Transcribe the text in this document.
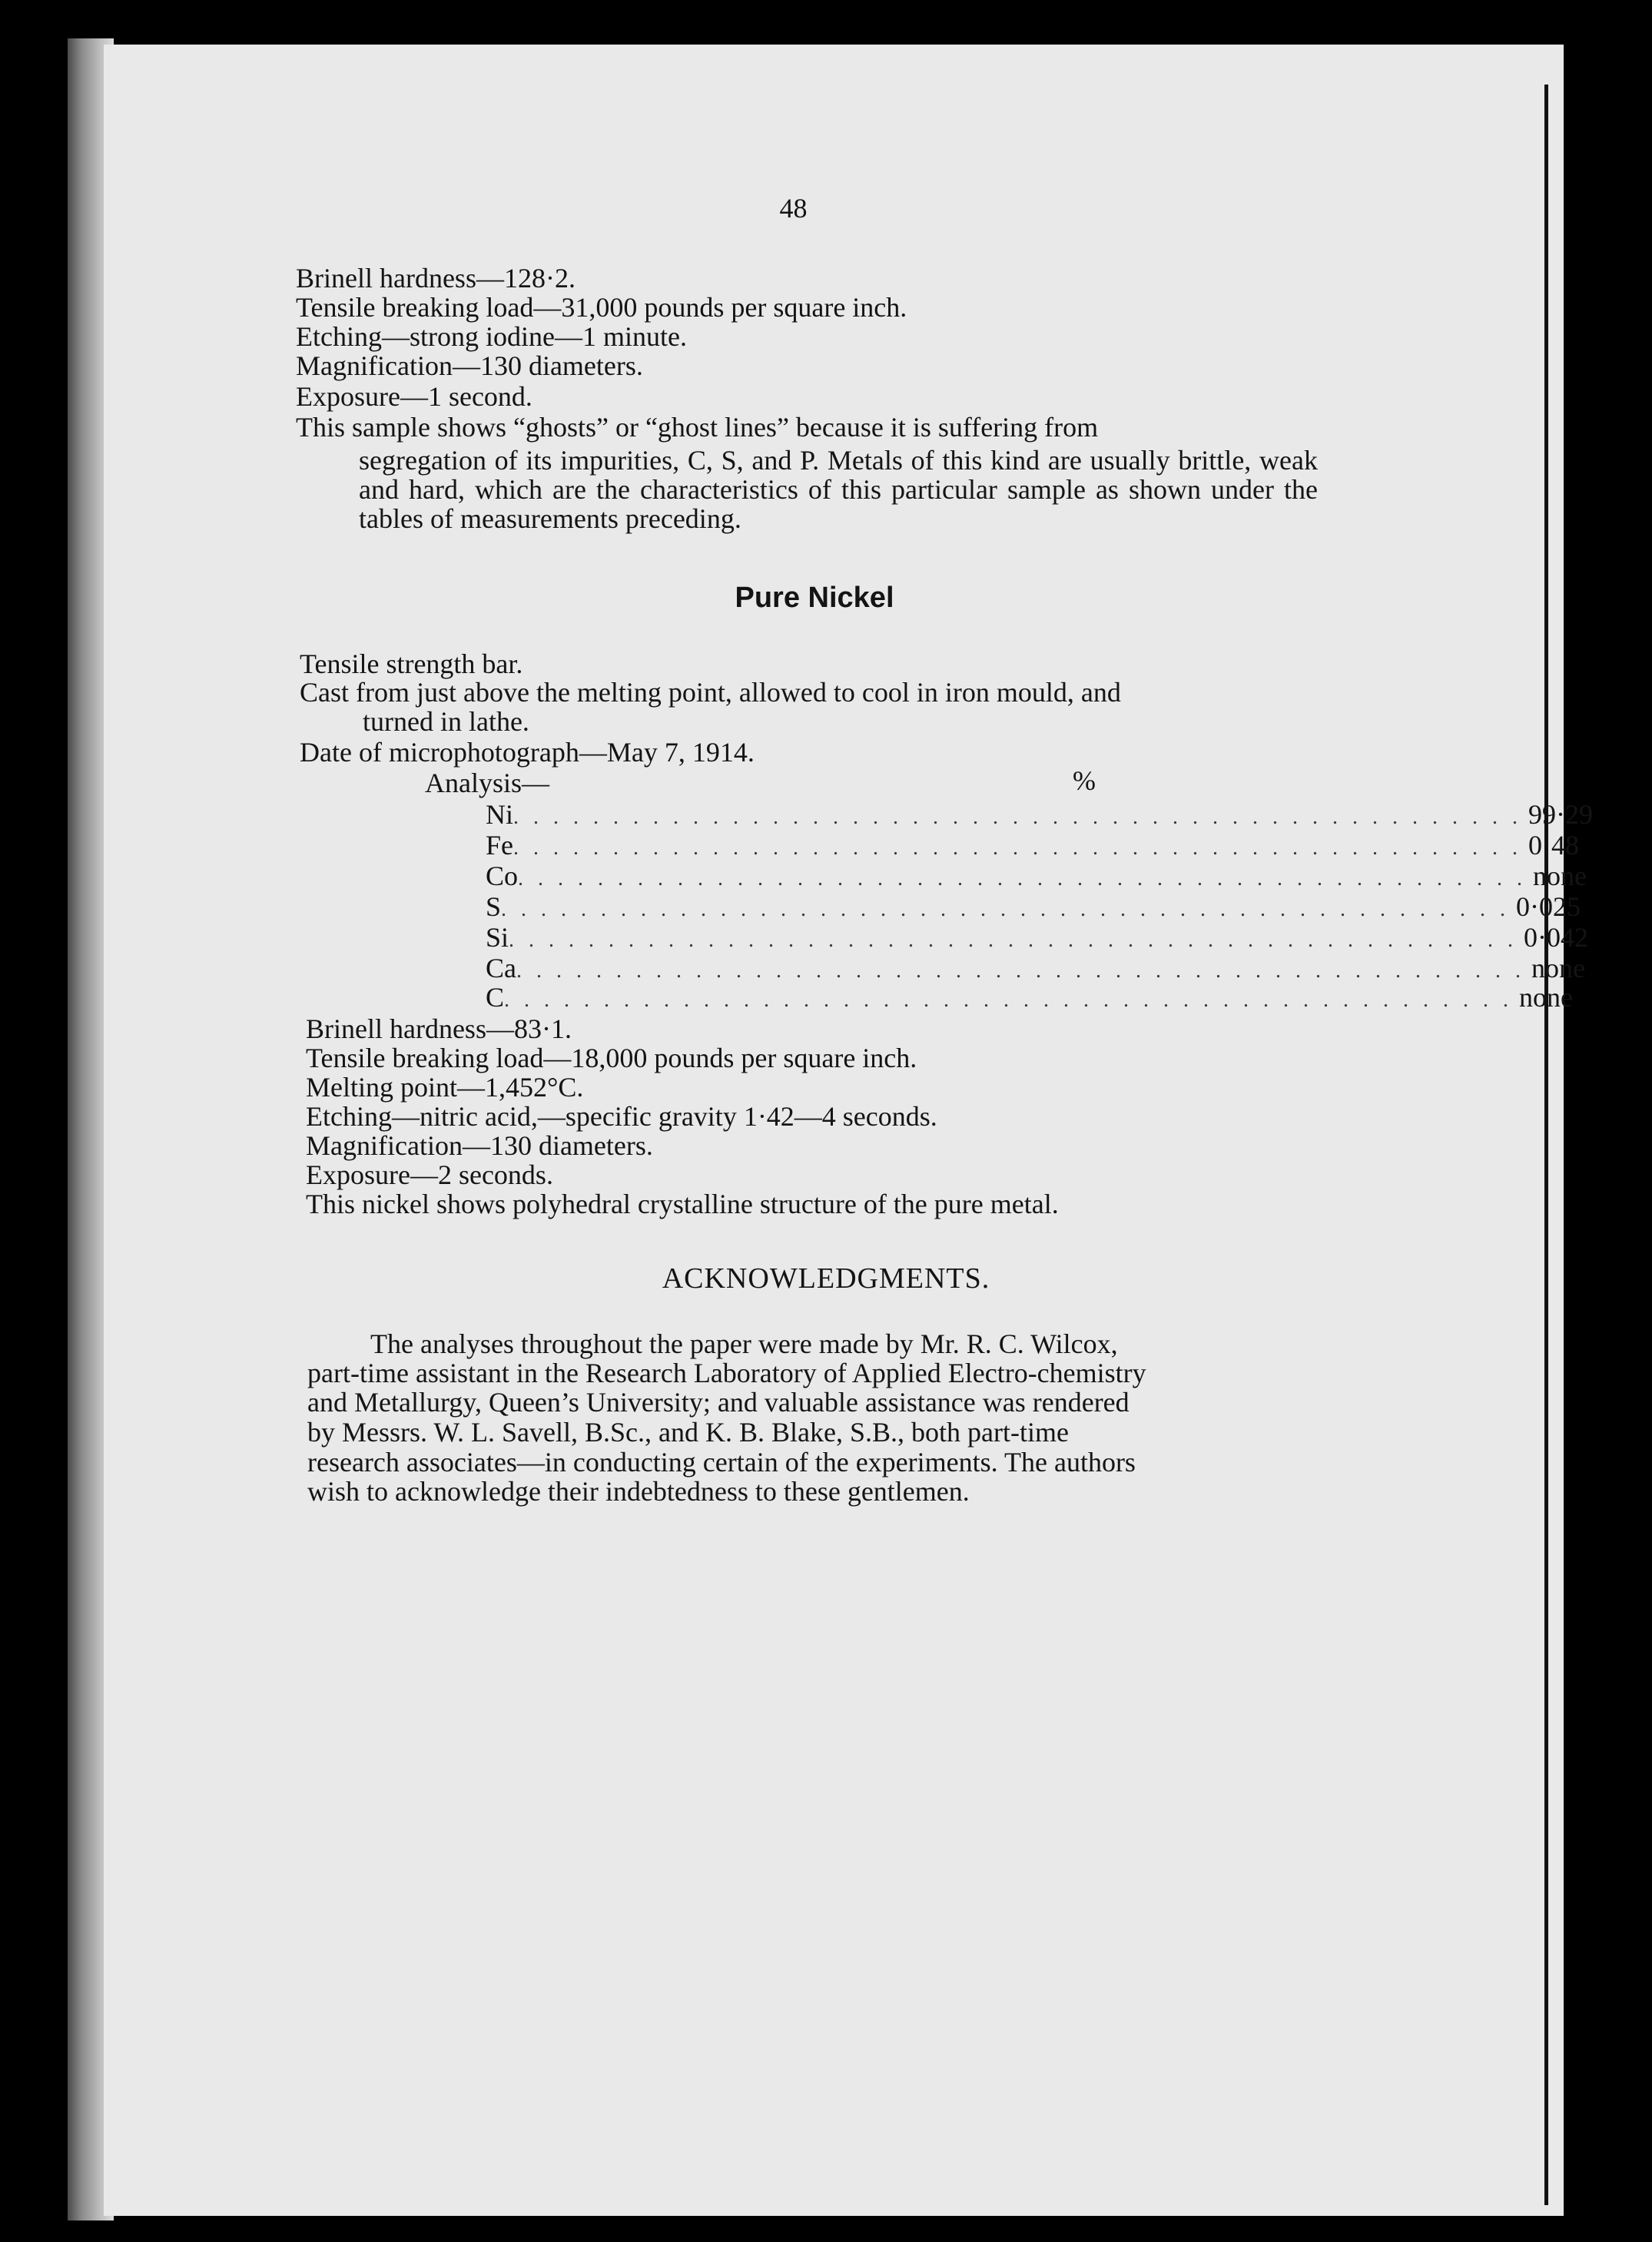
48

Brinell hardness—128·2.

Tensile breaking load—31,000 pounds per square inch.

Etching—strong iodine—1 minute.

Magnification—130 diameters.

Exposure—1 second.

This sample shows “ghosts” or “ghost lines” because it is suffering from

segregation of its impurities, C, S, and P. Metals of this kind are usually brittle, weak and hard, which are the characteristics of this particular sample as shown under the tables of measurements preceding.

Pure Nickel

Tensile strength bar.

Cast from just above the melting point, allowed to cool in iron mould, and

turned in lathe.

Date of microphotograph—May 7, 1914.

Analysis—	%

Ni . . . . . . . . . . . . . . . . . . . . . . . . . . . . . . . . . . . . . . . . . . . . . . . . . . . 99·29
Fe . . . . . . . . . . . . . . . . . . . . . . . . . . . . . . . . . . . . . . . . . . . . . . . . . . . 0·48
Co . . . . . . . . . . . . . . . . . . . . . . . . . . . . . . . . . . . . . . . . . . . . . . . . . . . none
S . . . . . . . . . . . . . . . . . . . . . . . . . . . . . . . . . . . . . . . . . . . . . . . . . . . 0·025
Si . . . . . . . . . . . . . . . . . . . . . . . . . . . . . . . . . . . . . . . . . . . . . . . . . . . 0·042
Ca . . . . . . . . . . . . . . . . . . . . . . . . . . . . . . . . . . . . . . . . . . . . . . . . . . . none
C . . . . . . . . . . . . . . . . . . . . . . . . . . . . . . . . . . . . . . . . . . . . . . . . . . . none

Brinell hardness—83·1.

Tensile breaking load—18,000 pounds per square inch.

Melting point—1,452°C.

Etching—nitric acid,—specific gravity 1·42—4 seconds.

Magnification—130 diameters.

Exposure—2 seconds.

This nickel shows polyhedral crystalline structure of the pure metal.

ACKNOWLEDGMENTS.

The analyses throughout the paper were made by Mr. R. C. Wilcox,

part-time assistant in the Research Laboratory of Applied Electro-chemistry

and Metallurgy, Queen’s University; and valuable assistance was rendered

by Messrs. W. L. Savell, B.Sc., and K. B. Blake, S.B., both part-time

research associates—in conducting certain of the experiments. The authors

wish to acknowledge their indebtedness to these gentlemen.
